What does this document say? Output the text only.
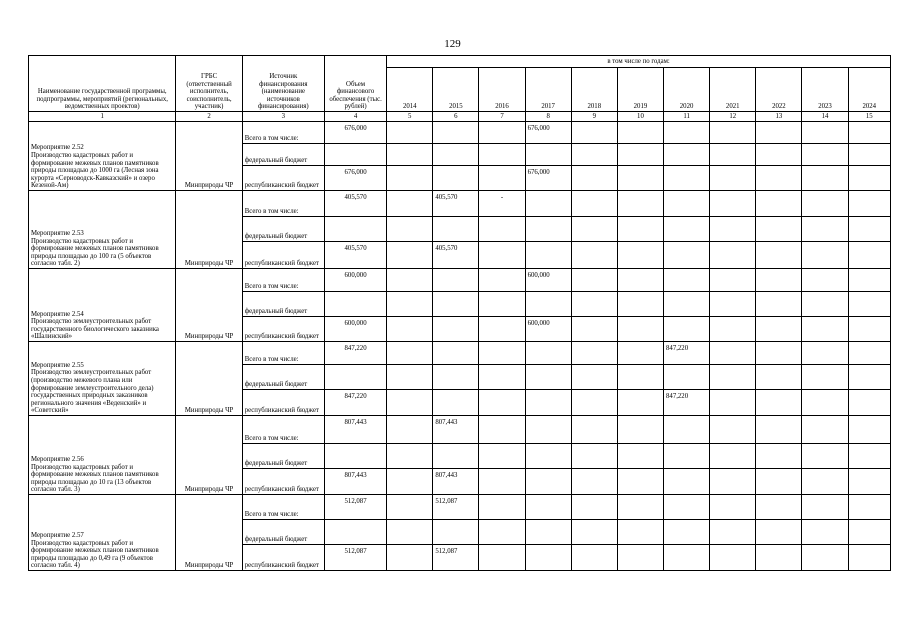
129
Наименование государственной программы, подпрограммы, мероприятий (региональных, ведомственных проектов)	ГРБС (ответственный исполнитель, соисполнитель, участник)	Источник финансирования (наименование источников финансирования)	Объем финансового обеспечения (тыс. рублей)	в том числе по годам:										
				2014	2015	2016	2017	2018	2019	2020	2021	2022	2023	2024
1	2	3	4	5	6	7	8	9	10	11	12	13	14	15
Мероприятие 2.52
Производство кадастровых работ и формирование межевых планов памятников природы площадью до 1000 га (Лесная зона курорта «Серноводск-Кавказский» и озеро Кезеной-Ам)	Минприроды ЧР	Всего в том числе:	676,000				676,000							
		федеральный бюджет												
		республиканский бюджет	676,000				676,000							
Мероприятие 2.53
Производство кадастровых работ и формирование межевых планов памятников природы площадью до 100 га (5 объектов согласно табл. 2)	Минприроды ЧР	Всего в том числе:	405,570		405,570	-								
		федеральный бюджет												
		республиканский бюджет	405,570		405,570									
Мероприятие 2.54
Производство землеустроительных работ государственного биологического заказника «Шалинский»	Минприроды ЧР	Всего в том числе:	600,000				600,000							
		федеральный бюджет												
		республиканский бюджет	600,000				600,000							
Мероприятие 2.55
Производство землеустроительных работ (производство межевого плана или формирование землеустроительного дела) государственных природных заказников регионального значения «Веденский» и «Советский»	Минприроды ЧР	Всего в том числе:	847,220							847,220				
		федеральный бюджет												
		республиканский бюджет	847,220							847,220				
Мероприятие 2.56
Производство кадастровых работ и формирование межевых планов памятников природы площадью до 10 га (13 объектов согласно табл. 3)	Минприроды ЧР	Всего в том числе:	807,443		807,443									
		федеральный бюджет												
		республиканский бюджет	807,443		807,443									
Мероприятие 2.57
Производство кадастровых работ и формирование межевых планов памятников природы площадью до 0,49 га (9 объектов согласно табл. 4)	Минприроды ЧР	Всего в том числе:	512,087		512,087									
		федеральный бюджет												
		республиканский бюджет	512,087		512,087									
